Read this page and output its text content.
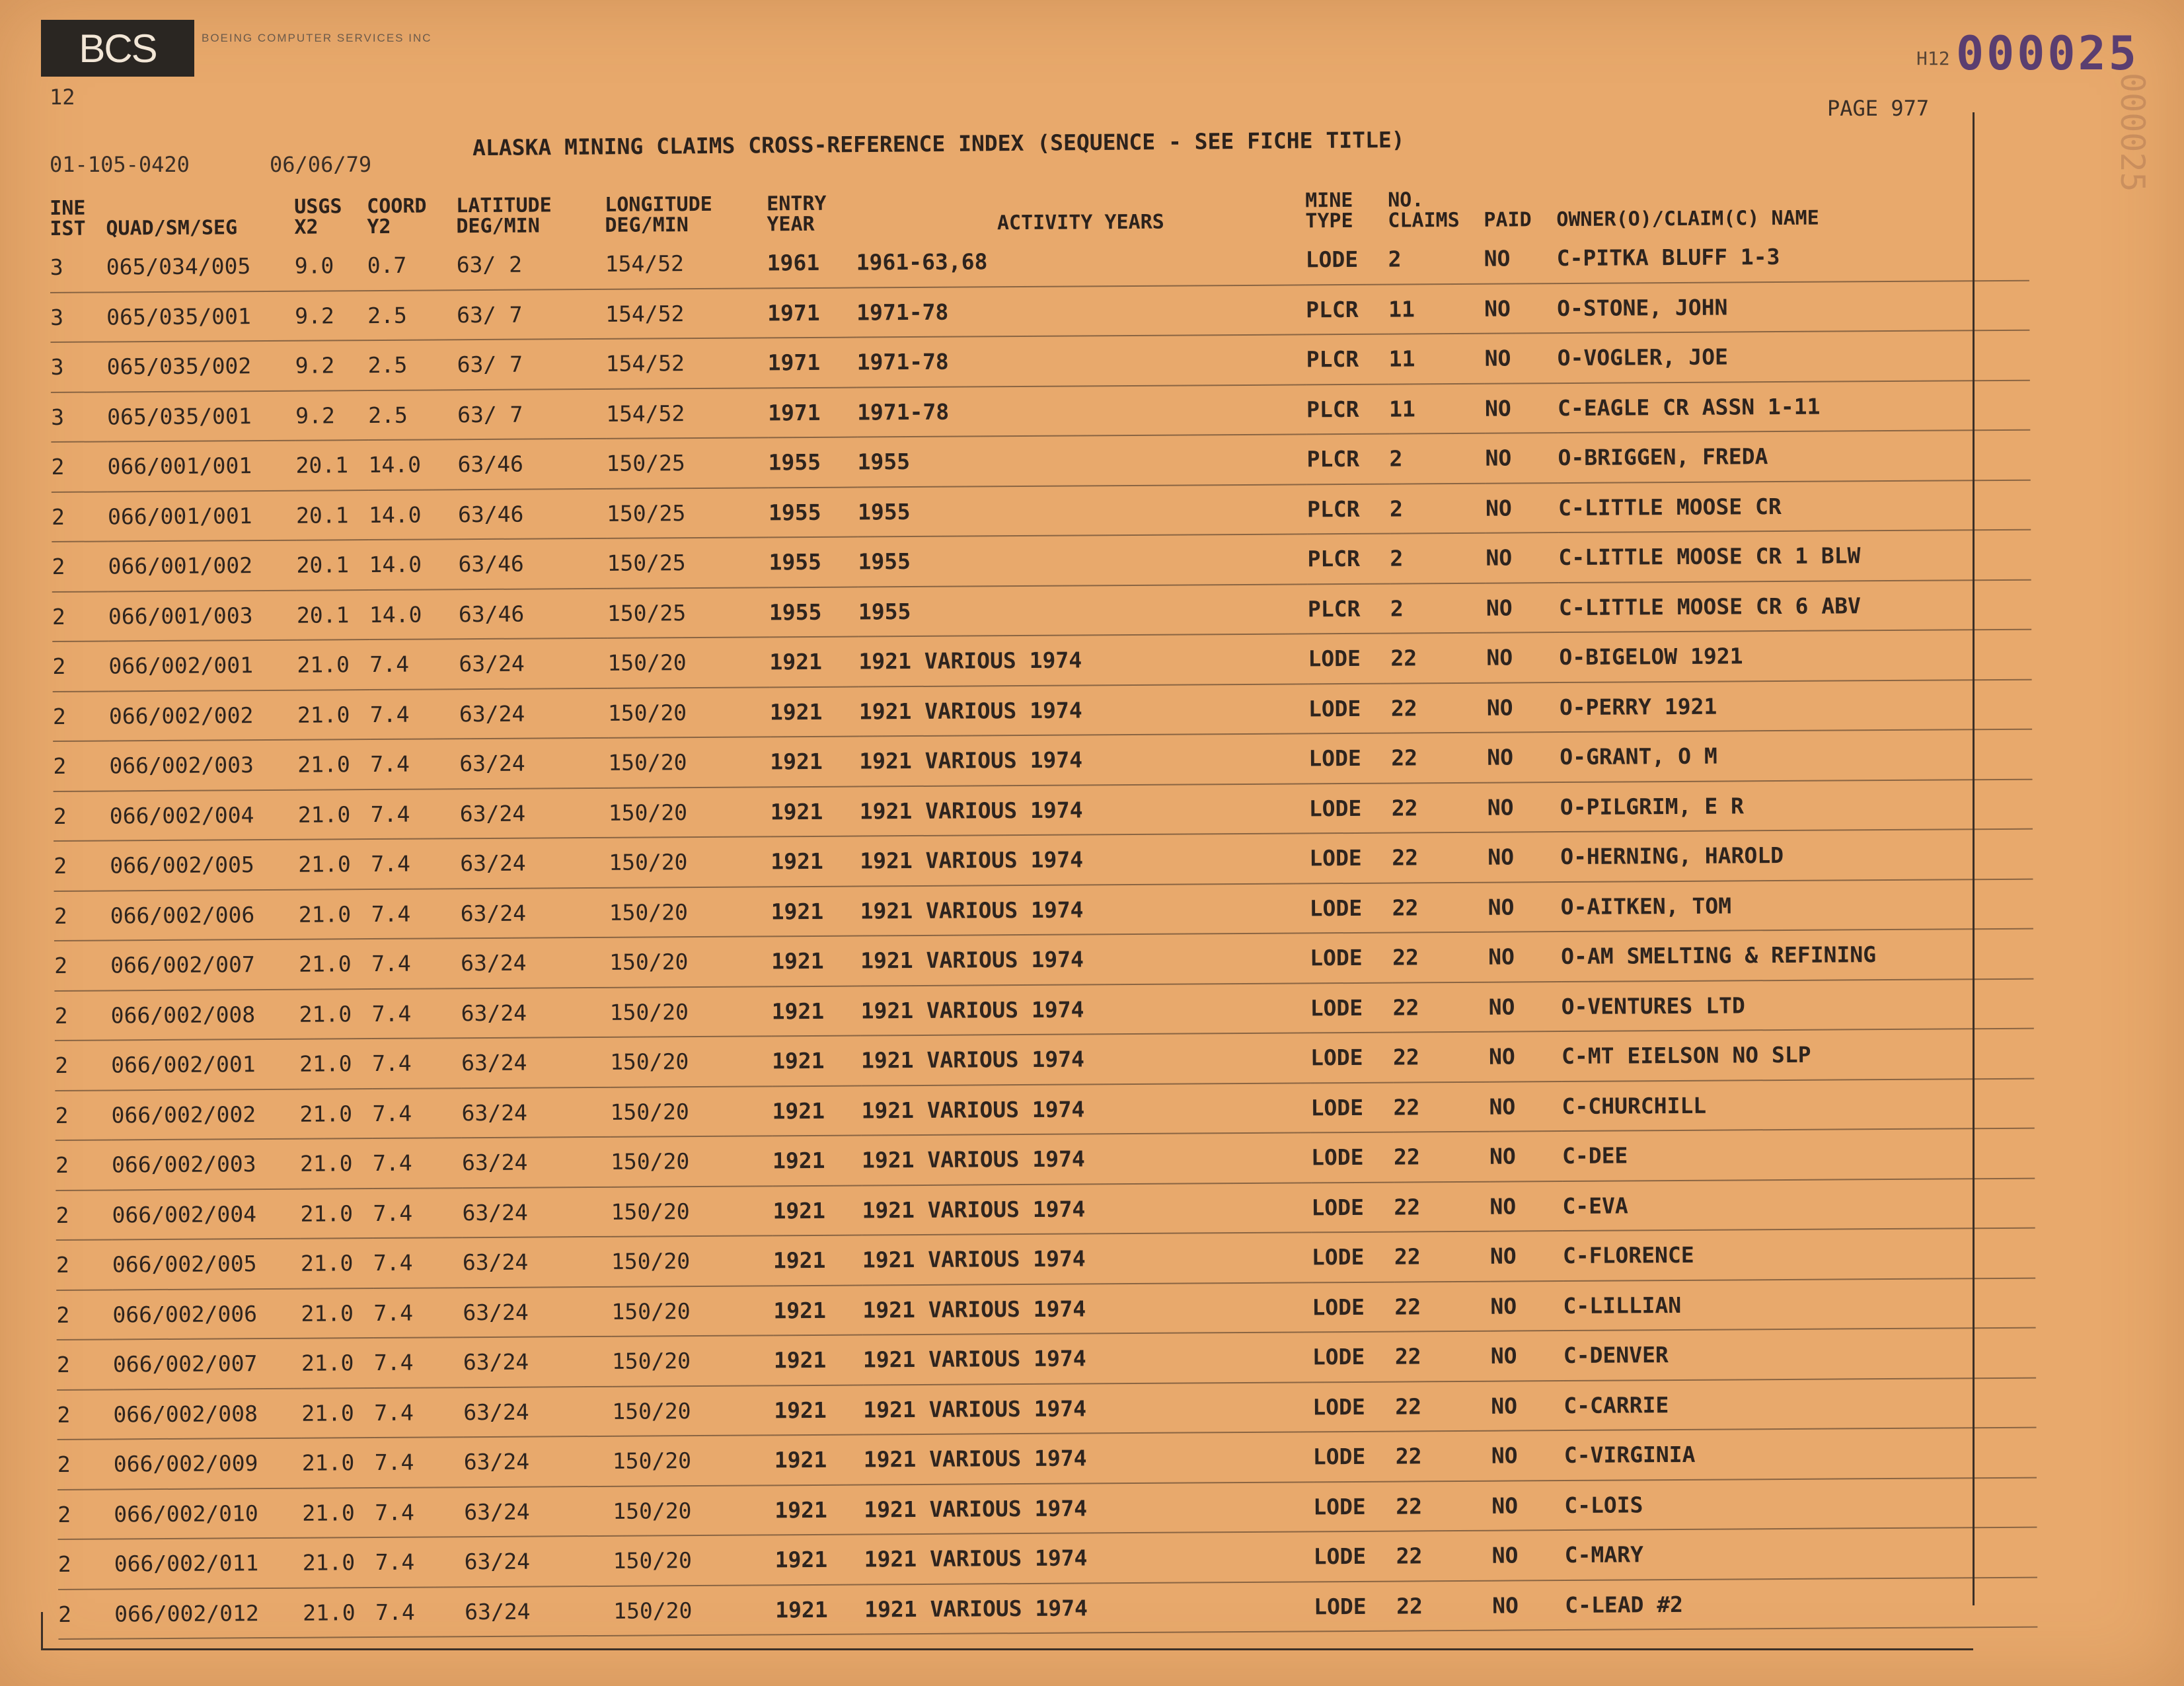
BCS	BOEING COMPUTER SERVICES INC
12
01-105-0420	06/06/79
ALASKA MINING CLAIMS CROSS-REFERENCE INDEX (SEQUENCE - SEE FICHE TITLE)
PAGE 977
H12 000025
000025
INE IST	QUAD/SM/SEG	USGS X2	COORD Y2	LATITUDE DEG/MIN	LONGITUDE DEG/MIN	ENTRY YEAR	ACTIVITY YEARS	MINE TYPE	NO. CLAIMS	PAID	OWNER(O)/CLAIM(C) NAME
3	065/034/005	9.0	0.7	63/ 2	154/52	1961	1961-63,68	LODE	2	NO	C-PITKA BLUFF 1-3
3	065/035/001	9.2	2.5	63/ 7	154/52	1971	1971-78	PLCR	11	NO	O-STONE, JOHN
3	065/035/002	9.2	2.5	63/ 7	154/52	1971	1971-78	PLCR	11	NO	O-VOGLER, JOE
3	065/035/001	9.2	2.5	63/ 7	154/52	1971	1971-78	PLCR	11	NO	C-EAGLE CR ASSN 1-11
2	066/001/001	20.1	14.0	63/46	150/25	1955	1955	PLCR	2	NO	O-BRIGGEN, FREDA
2	066/001/001	20.1	14.0	63/46	150/25	1955	1955	PLCR	2	NO	C-LITTLE MOOSE CR
2	066/001/002	20.1	14.0	63/46	150/25	1955	1955	PLCR	2	NO	C-LITTLE MOOSE CR 1 BLW
2	066/001/003	20.1	14.0	63/46	150/25	1955	1955	PLCR	2	NO	C-LITTLE MOOSE CR 6 ABV
2	066/002/001	21.0	7.4	63/24	150/20	1921	1921 VARIOUS 1974	LODE	22	NO	O-BIGELOW 1921
2	066/002/002	21.0	7.4	63/24	150/20	1921	1921 VARIOUS 1974	LODE	22	NO	O-PERRY 1921
2	066/002/003	21.0	7.4	63/24	150/20	1921	1921 VARIOUS 1974	LODE	22	NO	O-GRANT, O M
2	066/002/004	21.0	7.4	63/24	150/20	1921	1921 VARIOUS 1974	LODE	22	NO	O-PILGRIM, E R
2	066/002/005	21.0	7.4	63/24	150/20	1921	1921 VARIOUS 1974	LODE	22	NO	O-HERNING, HAROLD
2	066/002/006	21.0	7.4	63/24	150/20	1921	1921 VARIOUS 1974	LODE	22	NO	O-AITKEN, TOM
2	066/002/007	21.0	7.4	63/24	150/20	1921	1921 VARIOUS 1974	LODE	22	NO	O-AM SMELTING & REFINING
2	066/002/008	21.0	7.4	63/24	150/20	1921	1921 VARIOUS 1974	LODE	22	NO	O-VENTURES LTD
2	066/002/001	21.0	7.4	63/24	150/20	1921	1921 VARIOUS 1974	LODE	22	NO	C-MT EIELSON NO SLP
2	066/002/002	21.0	7.4	63/24	150/20	1921	1921 VARIOUS 1974	LODE	22	NO	C-CHURCHILL
2	066/002/003	21.0	7.4	63/24	150/20	1921	1921 VARIOUS 1974	LODE	22	NO	C-DEE
2	066/002/004	21.0	7.4	63/24	150/20	1921	1921 VARIOUS 1974	LODE	22	NO	C-EVA
2	066/002/005	21.0	7.4	63/24	150/20	1921	1921 VARIOUS 1974	LODE	22	NO	C-FLORENCE
2	066/002/006	21.0	7.4	63/24	150/20	1921	1921 VARIOUS 1974	LODE	22	NO	C-LILLIAN
2	066/002/007	21.0	7.4	63/24	150/20	1921	1921 VARIOUS 1974	LODE	22	NO	C-DENVER
2	066/002/008	21.0	7.4	63/24	150/20	1921	1921 VARIOUS 1974	LODE	22	NO	C-CARRIE
2	066/002/009	21.0	7.4	63/24	150/20	1921	1921 VARIOUS 1974	LODE	22	NO	C-VIRGINIA
2	066/002/010	21.0	7.4	63/24	150/20	1921	1921 VARIOUS 1974	LODE	22	NO	C-LOIS
2	066/002/011	21.0	7.4	63/24	150/20	1921	1921 VARIOUS 1974	LODE	22	NO	C-MARY
2	066/002/012	21.0	7.4	63/24	150/20	1921	1921 VARIOUS 1974	LODE	22	NO	C-LEAD #2
